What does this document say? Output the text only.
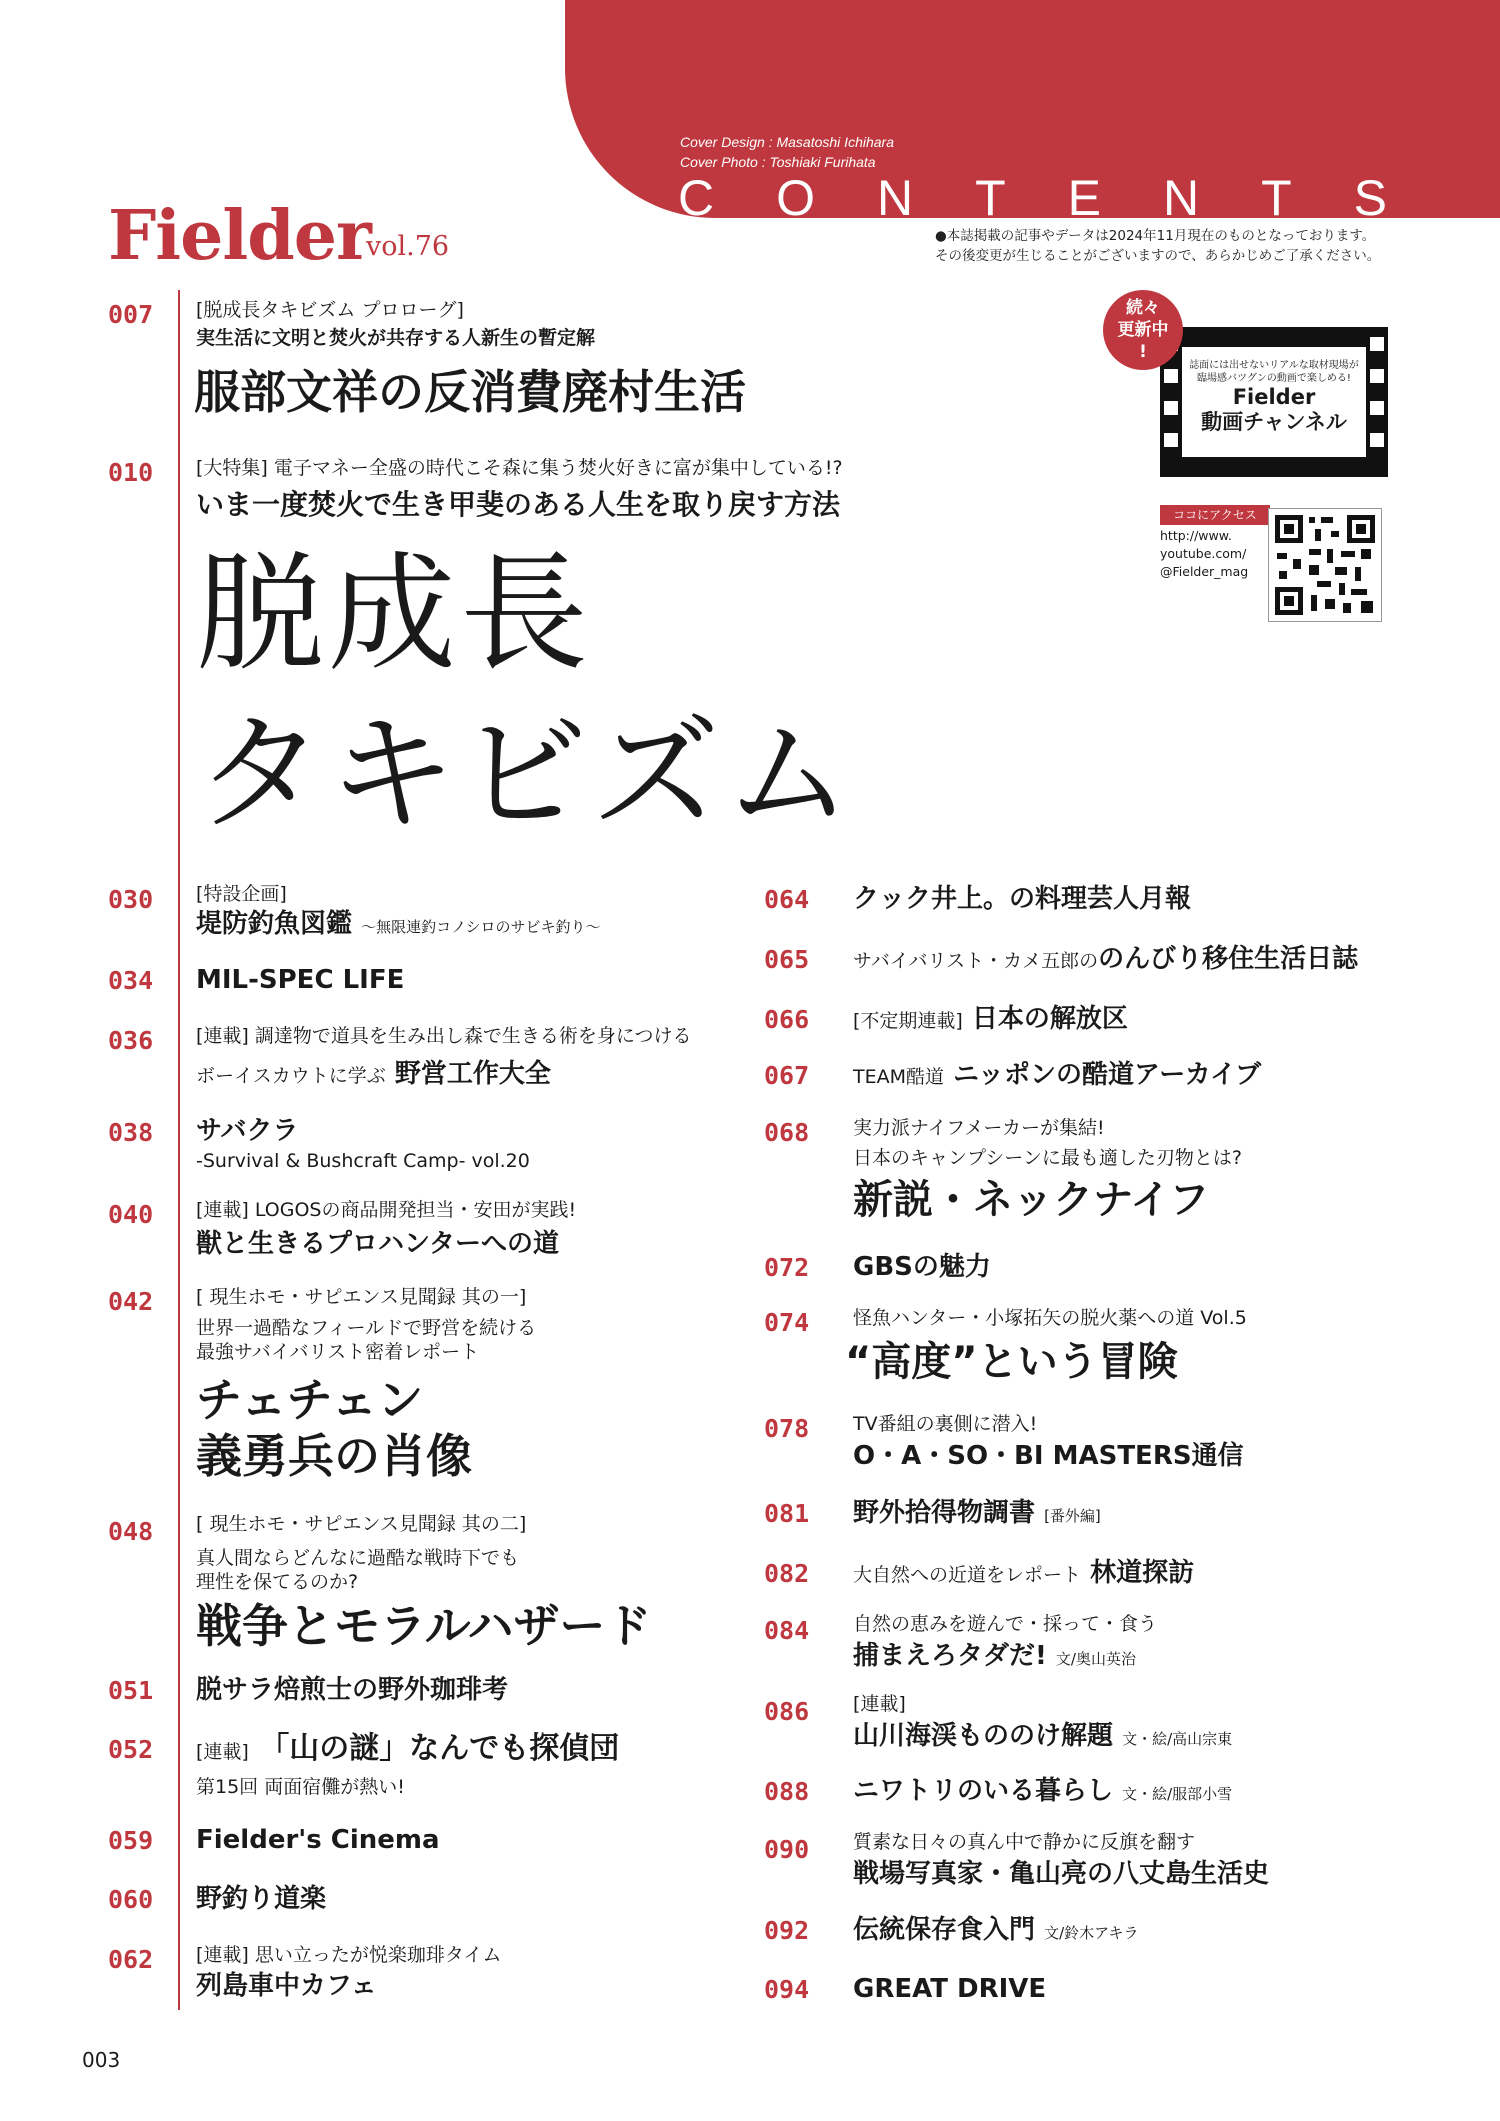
Cover Design : Masatoshi Ichihara
Cover Photo : Toshiaki Furihata
CONTENTS
●本誌掲載の記事やデータは2024年11月現在のものとなっております。
その後変更が生じることがございますので、あらかじめご了承ください。
Fielder
vol.76
誌面には出せないリアルな取材現場が
臨場感バツグンの動画で楽しめる!
Fielder
動画チャンネル
続々
更新中
!
ココにアクセス
http://www.
youtube.com/
@Fielder_mag
007 [脱成長タキビズム プロローグ]
実生活に文明と焚火が共存する人新生の暫定解
服部文祥の反消費廃村生活
010 [大特集] 電子マネー全盛の時代こそ森に集う焚火好きに富が集中している!?
いま一度焚火で生き甲斐のある人生を取り戻す方法
脱成長
タキビズム
030 [特設企画]
堤防釣魚図鑑 〜無限連釣コノシロのサビキ釣り〜
034 MIL-SPEC LIFE
036 [連載] 調達物で道具を生み出し森で生きる術を身につける
ボーイスカウトに学ぶ 野営工作大全
038 サバクラ
-Survival & Bushcraft Camp- vol.20
040 [連載] LOGOSの商品開発担当・安田が実践!
獣と生きるプロハンターへの道
042 [ 現生ホモ・サピエンス見聞録 其の一]
世界一過酷なフィールドで野営を続ける
最強サバイバリスト密着レポート
チェチェン
義勇兵の肖像
048 [ 現生ホモ・サピエンス見聞録 其の二]
真人間ならどんなに過酷な戦時下でも
理性を保てるのか?
戦争とモラルハザード
051 脱サラ焙煎士の野外珈琲考
052 [連載] 「山の謎」なんでも探偵団
第15回 両面宿儺が熱い!
059 Fielder's Cinema
060 野釣り道楽
062 [連載] 思い立ったが悦楽珈琲タイム
列島車中カフェ
064 クック井上。の料理芸人月報
065 サバイバリスト・カメ五郎ののんびり移住生活日誌
066 [不定期連載] 日本の解放区
067 TEAM酷道 ニッポンの酷道アーカイブ
068 実力派ナイフメーカーが集結!
日本のキャンプシーンに最も適した刃物とは?
新説・ネックナイフ
072 GBSの魅力
074 怪魚ハンター・小塚拓矢の脱火薬への道 Vol.5
“高度”という冒険
078 TV番組の裏側に潜入!
O・A・SO・BI MASTERS通信
081 野外拾得物調書 [番外編]
082 大自然への近道をレポート 林道探訪
084 自然の恵みを遊んで・採って・食う
捕まえろタダだ! 文/奥山英治
086 [連載]
山川海渓もののけ解題 文・絵/高山宗東
088 ニワトリのいる暮らし 文・絵/服部小雪
090 質素な日々の真ん中で静かに反旗を翻す
戦場写真家・亀山亮の八丈島生活史
092 伝統保存食入門 文/鈴木アキラ
094 GREAT DRIVE
003
